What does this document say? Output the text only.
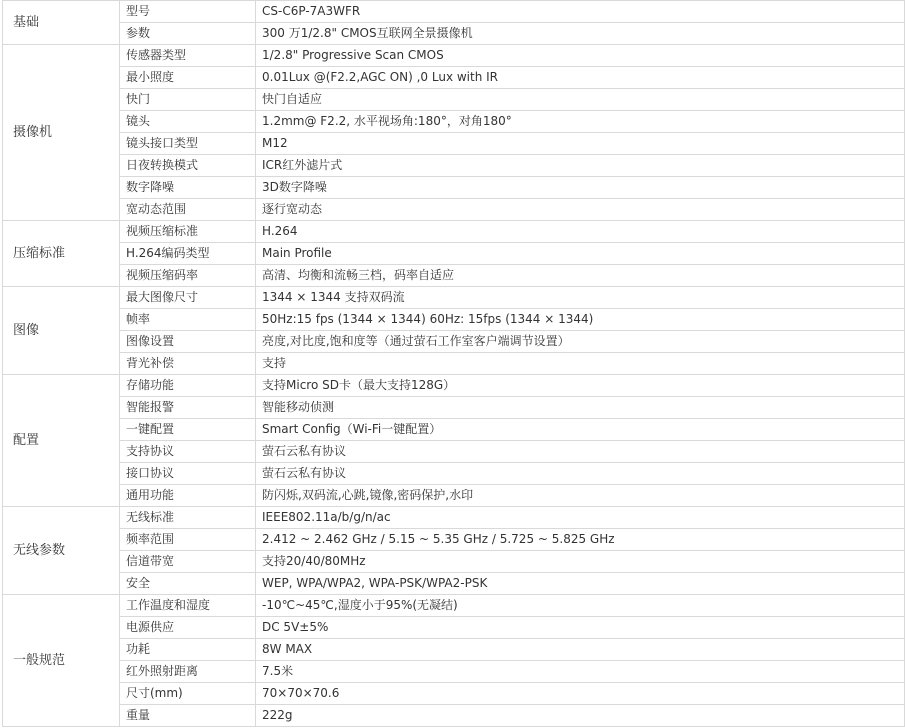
基础	型号	CS-C6P-7A3WFR
	参数	300 万1/2.8" CMOS互联网全景摄像机
摄像机	传感器类型	1/2.8" Progressive Scan CMOS
	最小照度	0.01Lux @(F2.2,AGC ON) ,0 Lux with IR
	快门	快门自适应
	镜头	1.2mm@ F2.2, 水平视场角:180°，对角180°
	镜头接口类型	M12
	日夜转换模式	ICR红外滤片式
	数字降噪	3D数字降噪
	宽动态范围	逐行宽动态
压缩标准	视频压缩标准	H.264
	H.264编码类型	Main Profile
	视频压缩码率	高清、均衡和流畅三档，码率自适应
图像	最大图像尺寸	1344 × 1344 支持双码流
	帧率	50Hz:15 fps (1344 × 1344) 60Hz: 15fps (1344 × 1344)
	图像设置	亮度,对比度,饱和度等（通过萤石工作室客户端调节设置）
	背光补偿	支持
配置	存储功能	支持Micro SD卡（最大支持128G）
	智能报警	智能移动侦测
	一键配置	Smart Config（Wi-Fi一键配置）
	支持协议	萤石云私有协议
	接口协议	萤石云私有协议
	通用功能	防闪烁,双码流,心跳,镜像,密码保护,水印
无线参数	无线标准	IEEE802.11a/b/g/n/ac
	频率范围	2.412 ~ 2.462 GHz / 5.15 ~ 5.35 GHz / 5.725 ~ 5.825 GHz
	信道带宽	支持20/40/80MHz
	安全	WEP, WPA/WPA2, WPA-PSK/WPA2-PSK
一般规范	工作温度和湿度	-10℃~45℃,湿度小于95%(无凝结)
	电源供应	DC 5V±5%
	功耗	8W MAX
	红外照射距离	7.5米
	尺寸(mm)	70×70×70.6
	重量	222g
